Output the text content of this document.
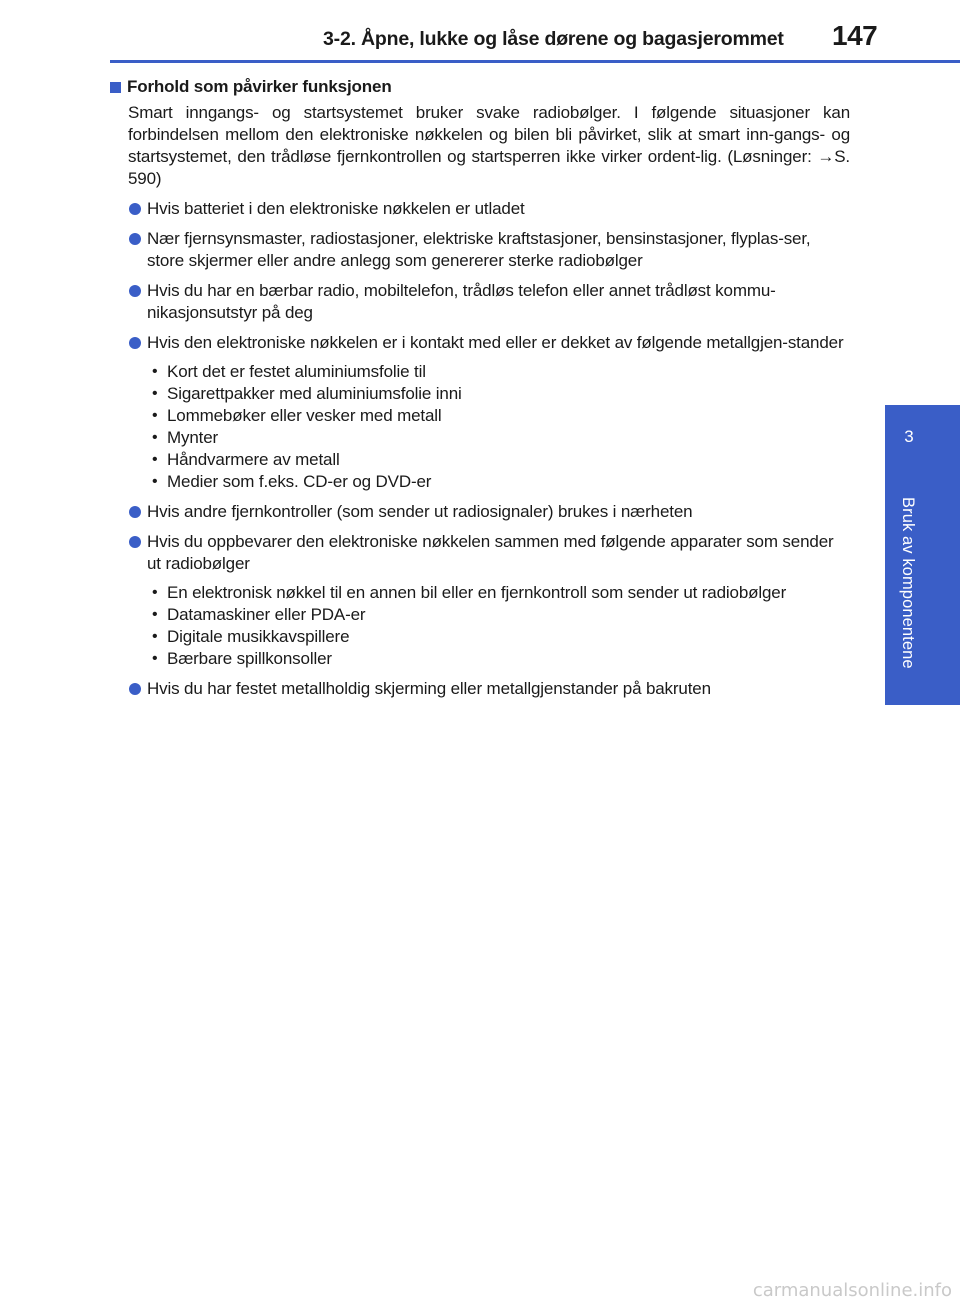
3-2. Åpne, lukke og låse dørene og bagasjerommet 147
3
Bruk av komponentene
Forhold som påvirker funksjonen
Smart inngangs- og startsystemet bruker svake radiobølger. I følgende situasjoner kan forbindelsen mellom den elektroniske nøkkelen og bilen bli påvirket, slik at smart inn-gangs- og startsystemet, den trådløse fjernkontrollen og startsperren ikke virker ordent-lig. (Løsninger: →S. 590)
Hvis batteriet i den elektroniske nøkkelen er utladet
Nær fjernsynsmaster, radiostasjoner, elektriske kraftstasjoner, bensinstasjoner, flyplas-ser, store skjermer eller andre anlegg som genererer sterke radiobølger
Hvis du har en bærbar radio, mobiltelefon, trådløs telefon eller annet trådløst kommu-nikasjonsutstyr på deg
Hvis den elektroniske nøkkelen er i kontakt med eller er dekket av følgende metallgjen-stander
• Kort det er festet aluminiumsfolie til
• Sigarettpakker med aluminiumsfolie inni
• Lommebøker eller vesker med metall
• Mynter
• Håndvarmere av metall
• Medier som f.eks. CD-er og DVD-er
Hvis andre fjernkontroller (som sender ut radiosignaler) brukes i nærheten
Hvis du oppbevarer den elektroniske nøkkelen sammen med følgende apparater som sender ut radiobølger
• En elektronisk nøkkel til en annen bil eller en fjernkontroll som sender ut radiobølger
• Datamaskiner eller PDA-er
• Digitale musikkavspillere
• Bærbare spillkonsoller
Hvis du har festet metallholdig skjerming eller metallgjenstander på bakruten
carmanualsonline.info
